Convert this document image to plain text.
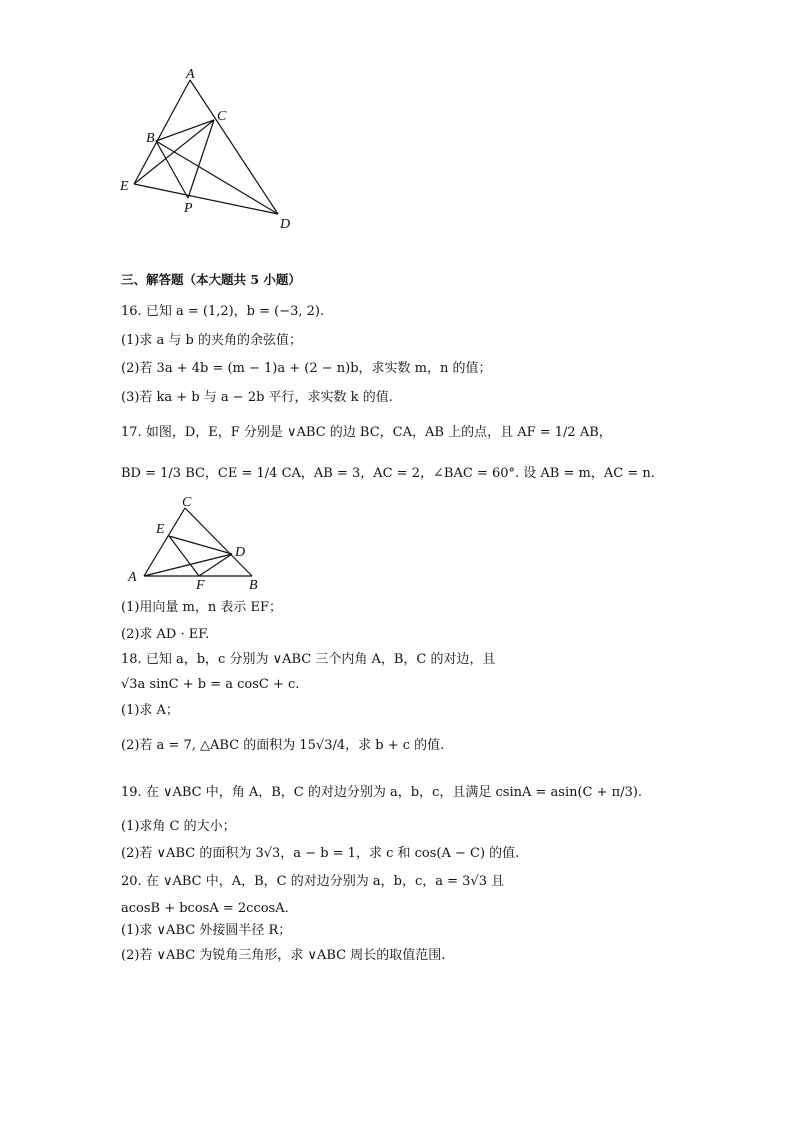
A
B
C
E
P
D
三、解答题（本大题共 5 小题）
16. 已知 a = (1,2)，b = (−3, 2).
(1)求 a 与 b 的夹角的余弦值；
(2)若 3a + 4b = (m − 1)a + (2 − n)b，求实数 m，n 的值；
(3)若 ka + b 与 a − 2b 平行，求实数 k 的值.
17. 如图，D，E，F 分别是 ∨ABC 的边 BC，CA，AB 上的点，且 AF = 1/2 AB，
BD = 1/3 BC，CE = 1/4 CA，AB = 3，AC = 2，∠BAC = 60°. 设 AB = m，AC = n.
C
E
D
A
F	B
(1)用向量 m，n 表示 EF；
(2)求 AD · EF.
18. 已知 a，b，c 分别为 ∨ABC 三个内角 A，B，C 的对边，且
√3a sinC + b = a cosC + c.
(1)求 A；
(2)若 a = 7, △ABC 的面积为 15√3/4，求 b + c 的值.
19. 在 ∨ABC 中，角 A，B，C 的对边分别为 a，b，c，且满足 csinA = asin(C + π/3).
(1)求角 C 的大小；
(2)若 ∨ABC 的面积为 3√3，a − b = 1，求 c 和 cos(A − C) 的值.
20. 在 ∨ABC 中，A，B，C 的对边分别为 a，b，c，a = 3√3 且
acosB + bcosA = 2ccosA.
(1)求 ∨ABC 外接圆半径 R；
(2)若 ∨ABC 为锐角三角形，求 ∨ABC 周长的取值范围.
